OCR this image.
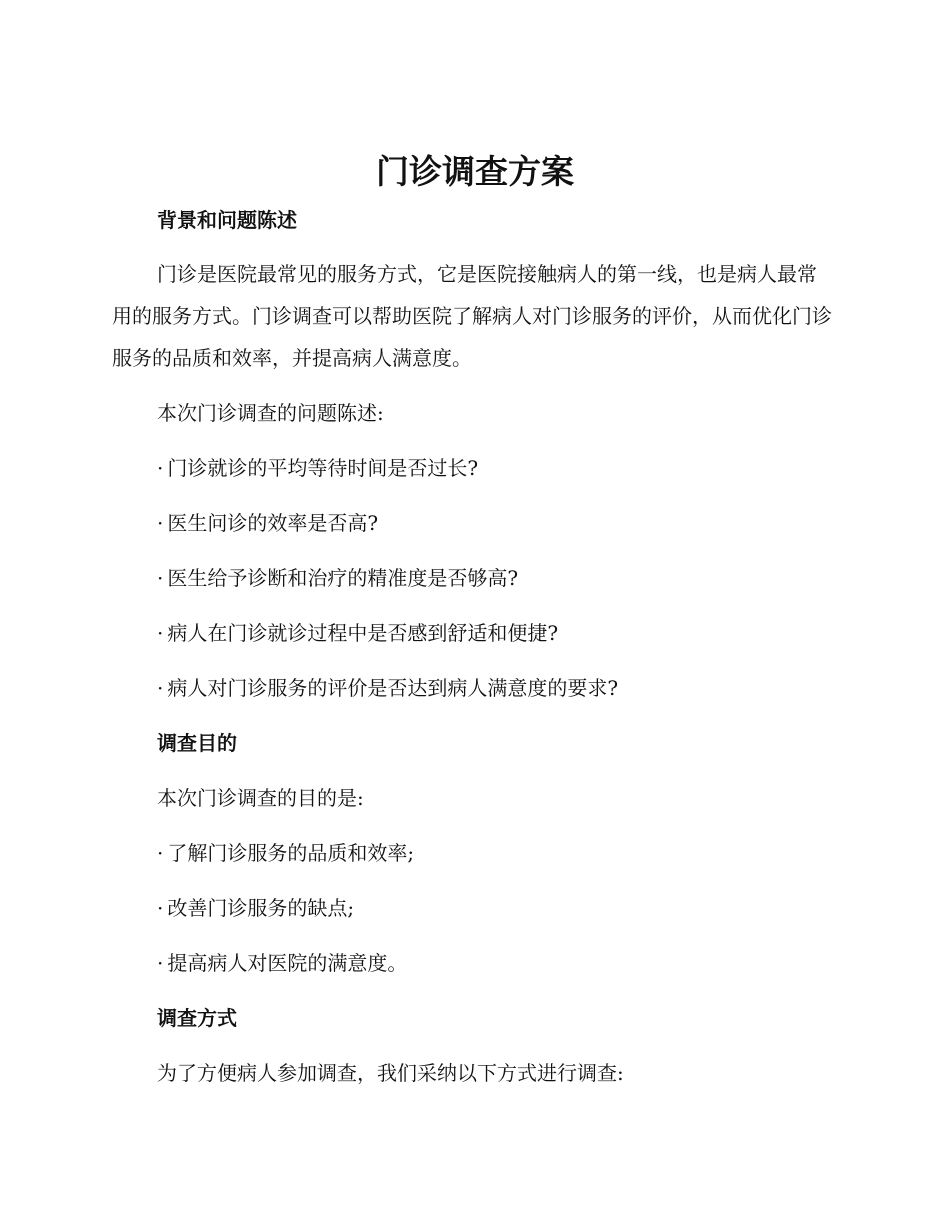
门诊调查方案
背景和问题陈述

门诊是医院最常见的服务方式，它是医院接触病人的第一线，也是病人最常用的服务方式。门诊调查可以帮助医院了解病人对门诊服务的评价，从而优化门诊服务的品质和效率，并提高病人满意度。

本次门诊调查的问题陈述:

· 门诊就诊的平均等待时间是否过长?

· 医生问诊的效率是否高?

· 医生给予诊断和治疗的精准度是否够高?

· 病人在门诊就诊过程中是否感到舒适和便捷?

· 病人对门诊服务的评价是否达到病人满意度的要求?

调查目的

本次门诊调查的目的是:

· 了解门诊服务的品质和效率;

· 改善门诊服务的缺点;

· 提高病人对医院的满意度。

调查方式

为了方便病人参加调查，我们采纳以下方式进行调查:
